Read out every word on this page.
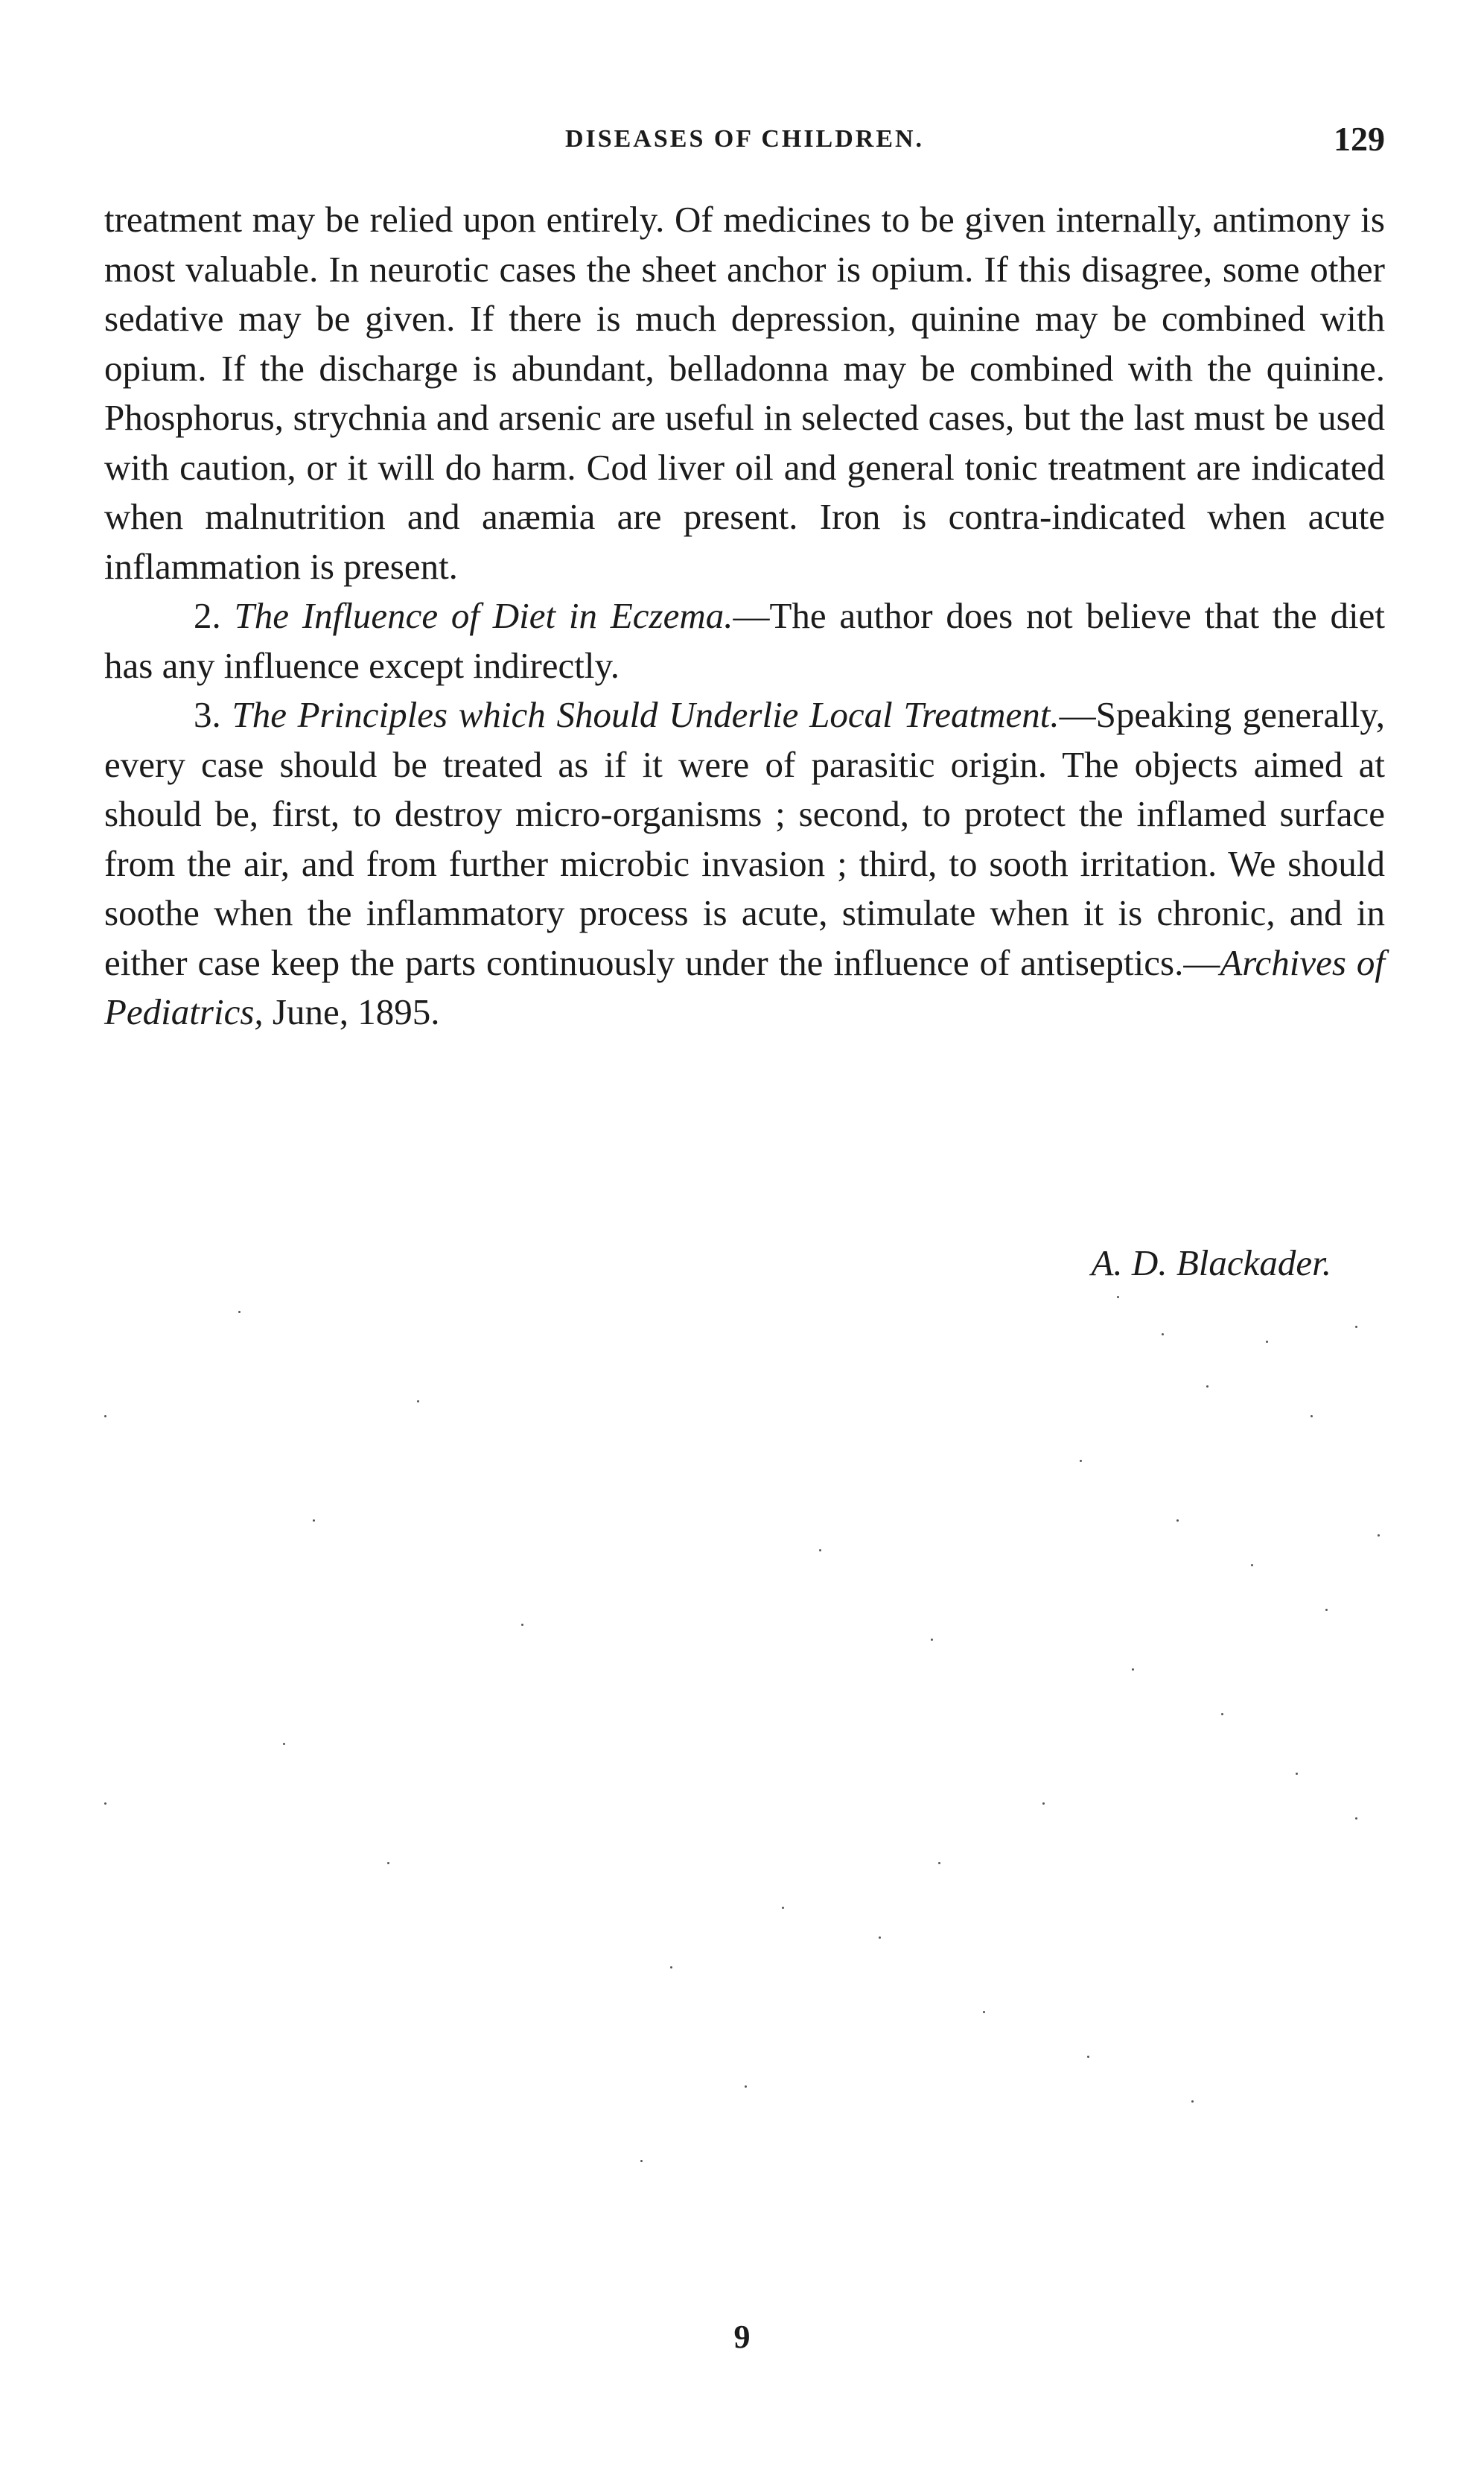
DISEASES OF CHILDREN.	129

treatment may be relied upon entirely. Of medicines to be given internally, antimony is most valuable. In neurotic cases the sheet anchor is opium. If this disagree, some other sedative may be given. If there is much depression, quinine may be combined with opium. If the discharge is abundant, belladonna may be combined with the quinine. Phosphorus, strychnia and arsenic are useful in selected cases, but the last must be used with caution, or it will do harm. Cod liver oil and general tonic treatment are indicated when malnutrition and anæmia are present. Iron is contra-indicated when acute inflammation is present.

2. The Influence of Diet in Eczema.—The author does not believe that the diet has any influence except indirectly.

3. The Principles which Should Underlie Local Treatment.—Speaking generally, every case should be treated as if it were of parasitic origin. The objects aimed at should be, first, to destroy micro-organisms ; second, to protect the inflamed surface from the air, and from further microbic invasion ; third, to sooth irritation. We should soothe when the inflammatory process is acute, stimulate when it is chronic, and in either case keep the parts continuously under the influence of antiseptics.—Archives of Pediatrics, June, 1895.

A. D. Blackader.
9
